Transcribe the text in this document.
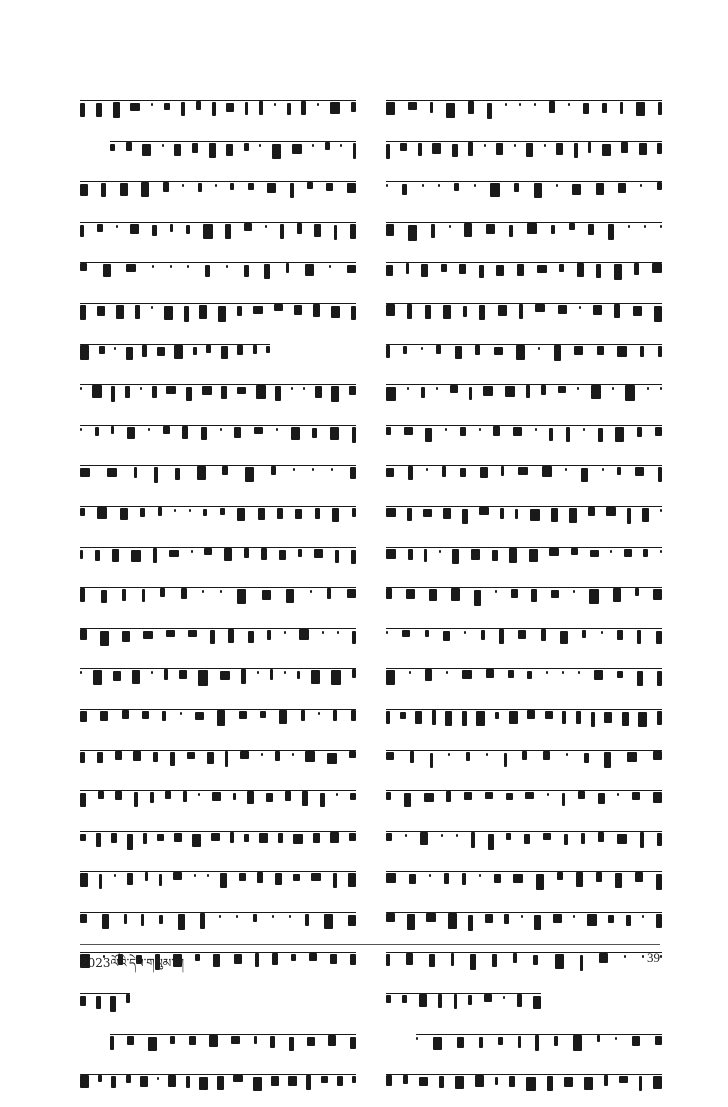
2023ལོའི་དེབ་གསུམ་པ།	39
